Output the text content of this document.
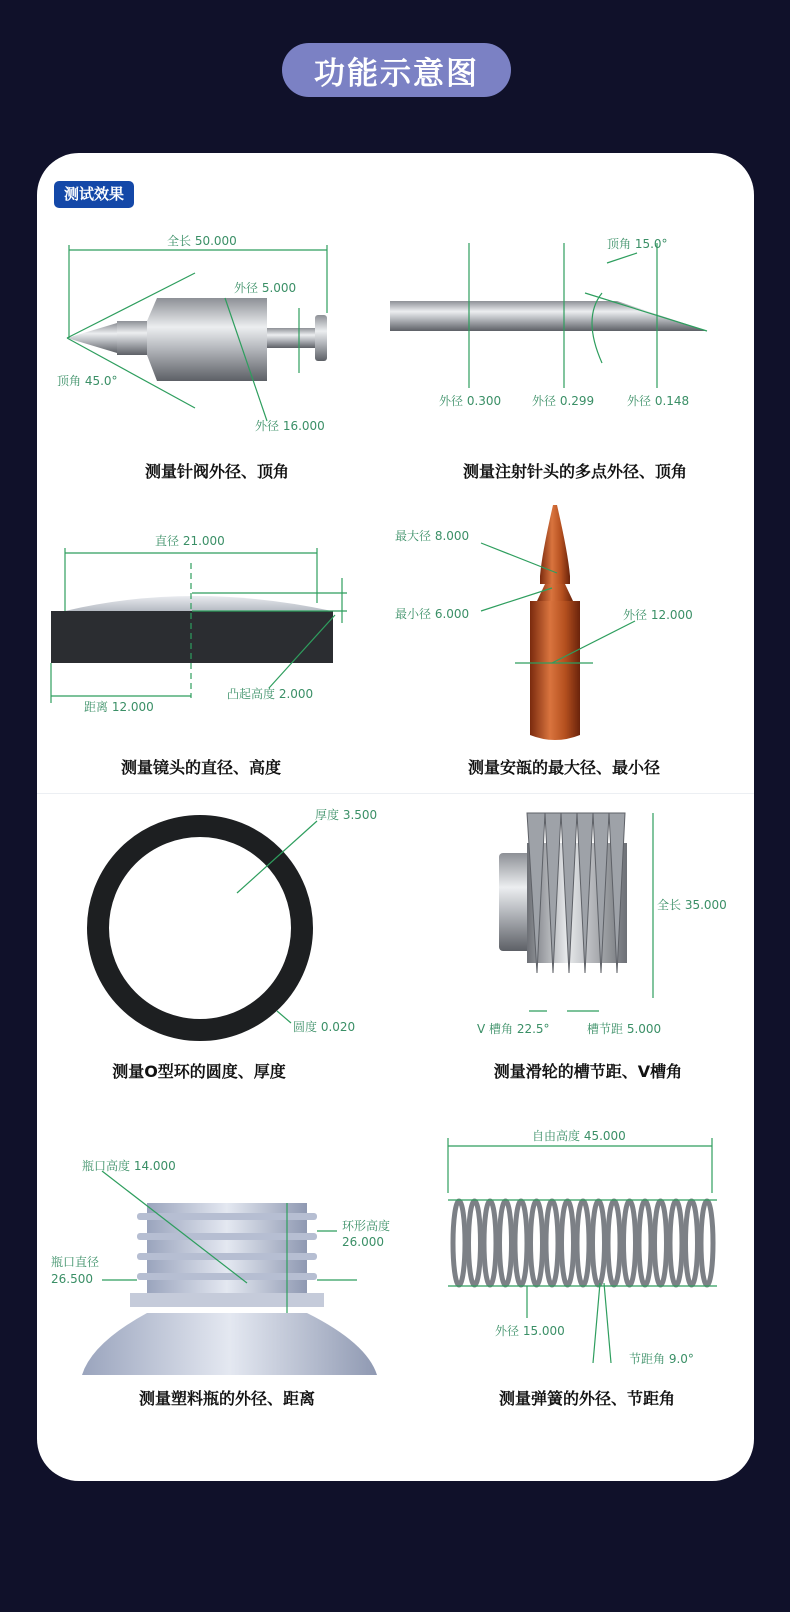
功能示意图
测试效果
全长 50.000
外径 5.000
顶角 45.0°
外径 16.000
顶角 15.0°
外径 0.300	外径 0.299	外径 0.148
直径 21.000
距离 12.000
凸起高度 2.000
最大径 8.000
最小径 6.000	外径 12.000
厚度 3.500
圆度 0.020
全长 35.000
V 槽角 22.5°	槽节距 5.000
瓶口高度 14.000
环形高度
26.000
瓶口直径
26.500
自由高度 45.000
外径 15.000
节距角 9.0°
测量针阀外径、顶角	测量注射针头的多点外径、顶角
测量镜头的直径、高度	测量安瓿的最大径、最小径
测量O型环的圆度、厚度	测量滑轮的槽节距、V槽角
测量塑料瓶的外径、距离	测量弹簧的外径、节距角
